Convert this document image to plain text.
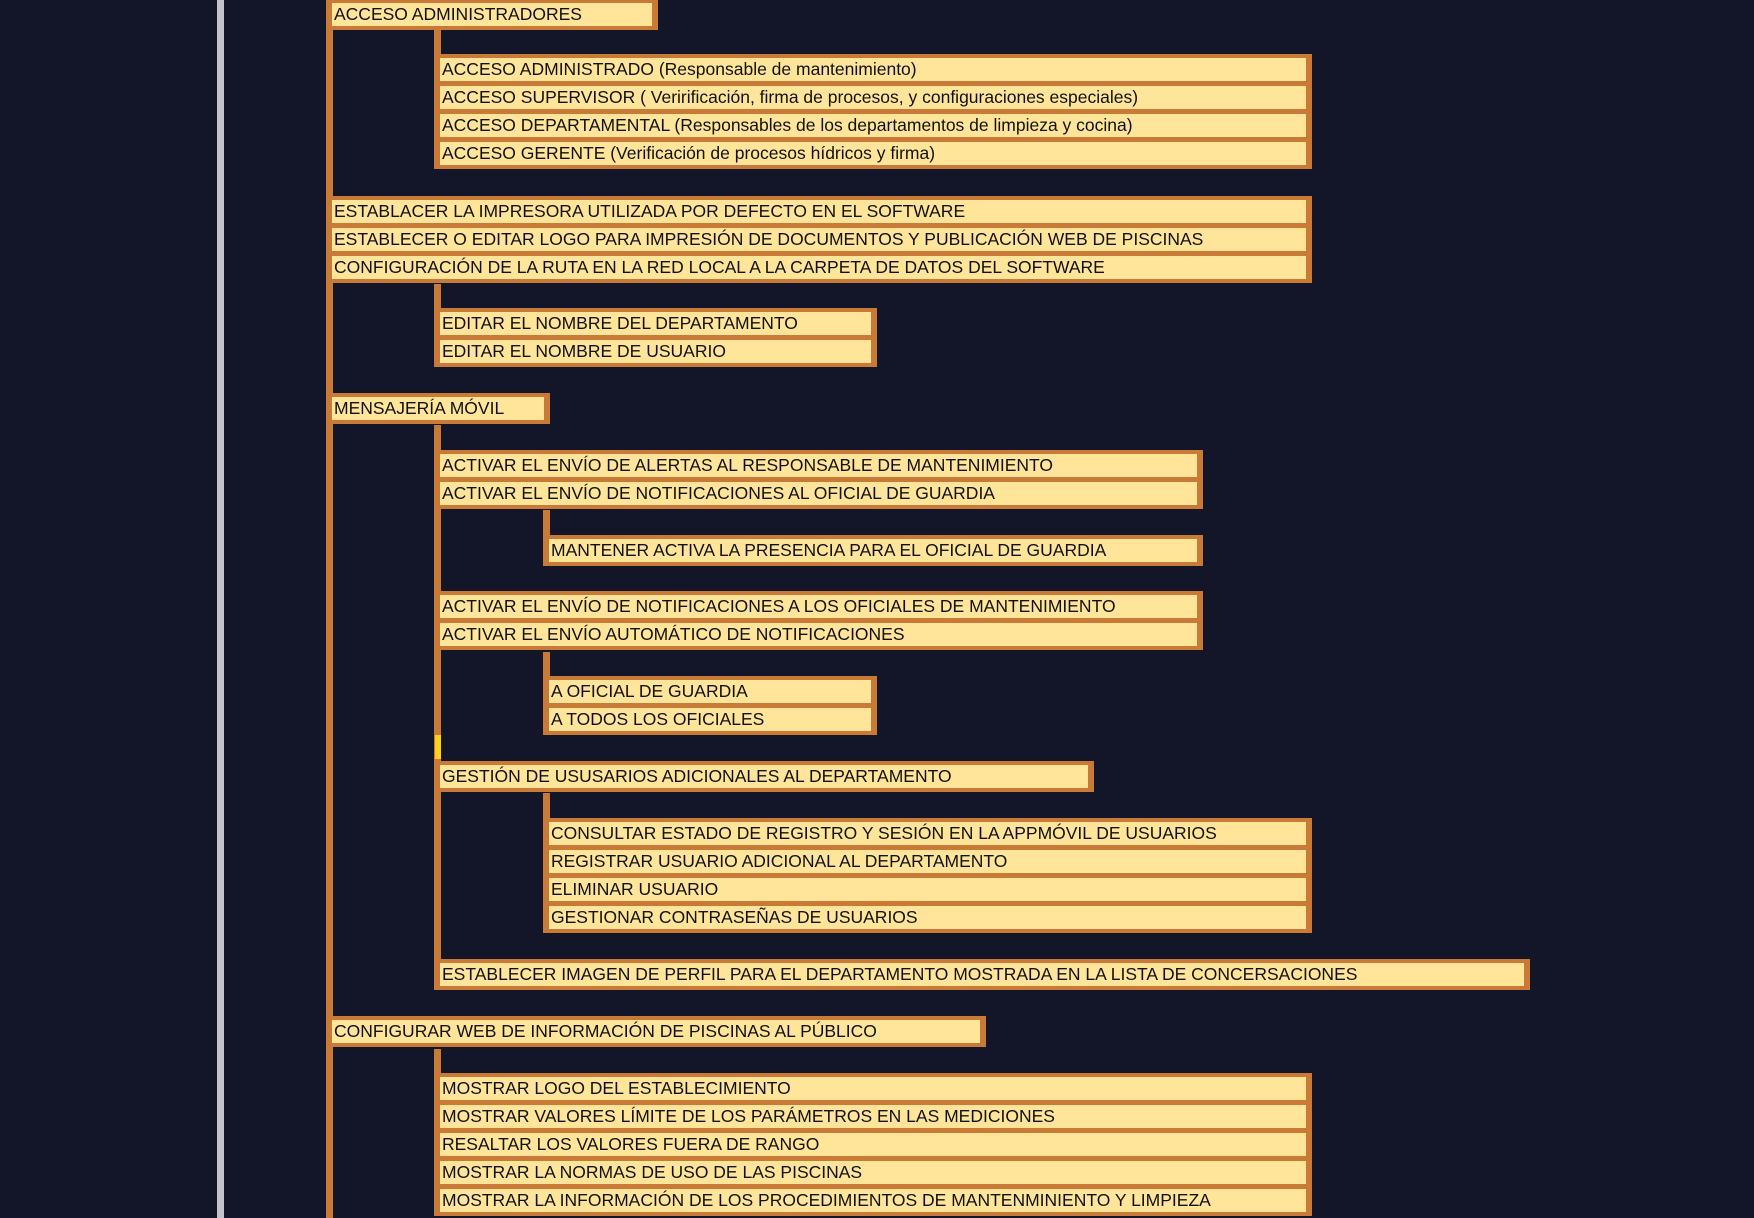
ACCESO ADMINISTRADORES
ACCESO ADMINISTRADO (Responsable de mantenimiento)
ACCESO SUPERVISOR ( Veririficación, firma de procesos, y configuraciones especiales)
ACCESO DEPARTAMENTAL (Responsables de los departamentos de limpieza y cocina)
ACCESO GERENTE (Verificación de procesos hídricos y firma)
ESTABLACER LA IMPRESORA UTILIZADA POR DEFECTO EN EL SOFTWARE
ESTABLECER O EDITAR LOGO PARA IMPRESIÓN DE DOCUMENTOS Y PUBLICACIÓN WEB DE PISCINAS
CONFIGURACIÓN DE LA RUTA EN LA RED LOCAL A LA CARPETA DE DATOS DEL SOFTWARE
EDITAR EL NOMBRE DEL DEPARTAMENTO
EDITAR EL NOMBRE DE USUARIO
MENSAJERÍA MÓVIL
ACTIVAR EL ENVÍO DE ALERTAS AL RESPONSABLE DE MANTENIMIENTO
ACTIVAR EL ENVÍO DE NOTIFICACIONES AL OFICIAL DE GUARDIA
MANTENER ACTIVA LA PRESENCIA PARA EL OFICIAL DE GUARDIA
ACTIVAR EL ENVÍO DE NOTIFICACIONES A LOS OFICIALES DE MANTENIMIENTO
ACTIVAR EL ENVÍO AUTOMÁTICO DE NOTIFICACIONES
A OFICIAL DE GUARDIA
A TODOS LOS OFICIALES
GESTIÓN DE USUSARIOS ADICIONALES AL DEPARTAMENTO
CONSULTAR ESTADO DE REGISTRO Y SESIÓN EN LA APPMÓVIL DE USUARIOS
REGISTRAR USUARIO ADICIONAL AL DEPARTAMENTO
ELIMINAR USUARIO
GESTIONAR CONTRASEÑAS DE USUARIOS
ESTABLECER IMAGEN DE PERFIL PARA EL DEPARTAMENTO MOSTRADA EN LA LISTA DE CONCERSACIONES
CONFIGURAR WEB DE INFORMACIÓN DE PISCINAS AL PÚBLICO
MOSTRAR LOGO DEL ESTABLECIMIENTO
MOSTRAR VALORES LÍMITE DE LOS PARÁMETROS EN LAS MEDICIONES
RESALTAR LOS VALORES FUERA DE RANGO
MOSTRAR LA NORMAS DE USO DE LAS PISCINAS
MOSTRAR LA INFORMACIÓN DE LOS PROCEDIMIENTOS DE MANTENMINIENTO Y LIMPIEZA
